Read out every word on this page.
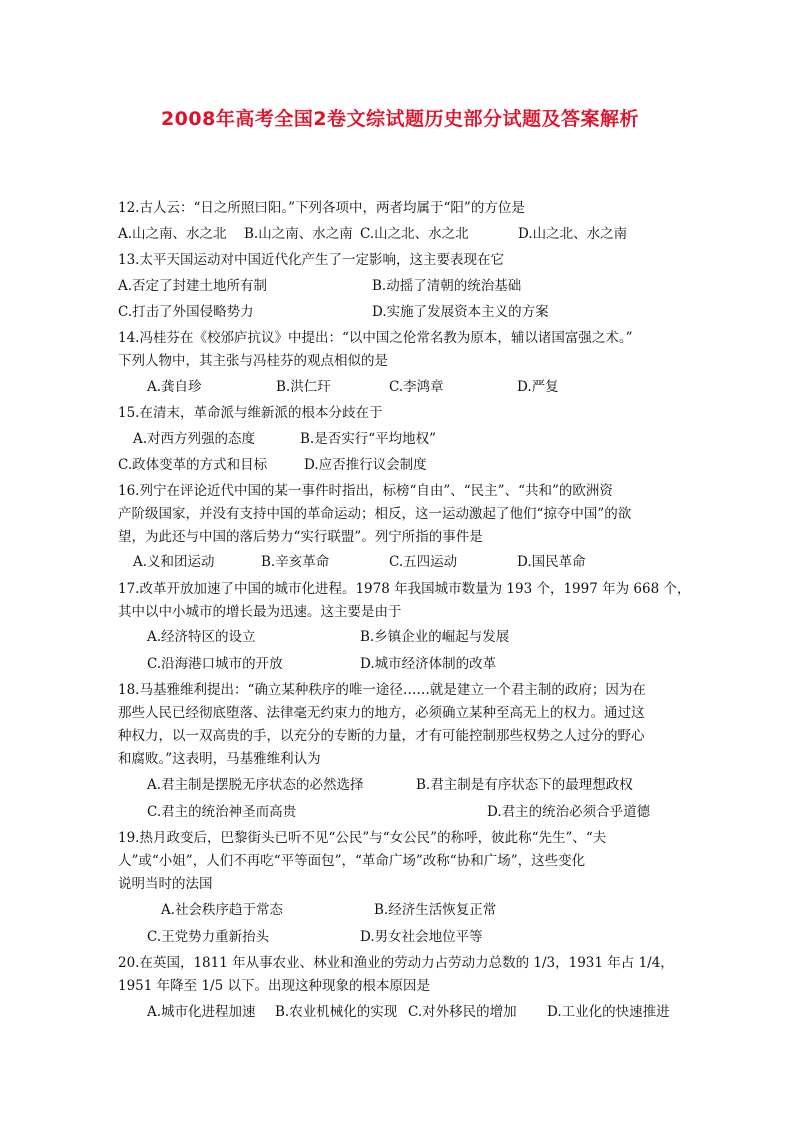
2008年高考全国2卷文综试题历史部分试题及答案解析
12.古人云：“日之所照曰阳。”下列各项中，两者均属于“阳”的方位是
A.山之南、水之北 B.山之南、水之南 C.山之北、水之北	D.山之北、水之南
13.太平天国运动对中国近代化产生了一定影响，这主要表现在它
A.否定了封建土地所有制	B.动摇了清朝的统治基础
C.打击了外国侵略势力	D.实施了发展资本主义的方案
14.冯桂芬在《校邠庐抗议》中提出：“以中国之伦常名教为原本，辅以诸国富强之术。”
下列人物中，其主张与冯桂芬的观点相似的是
A.龚自珍	B.洪仁玕	C.李鸿章	D.严复
15.在清末，革命派与维新派的根本分歧在于
A.对西方列强的态度	B.是否实行“平均地权”
C.政体变革的方式和目标	D.应否推行议会制度
16.列宁在评论近代中国的某一事件时指出，标榜“自由”、“民主”、“共和”的欧洲资
产阶级国家，并没有支持中国的革命运动；相反，这一运动激起了他们“掠夺中国”的欲
望，为此还与中国的落后势力“实行联盟”。列宁所指的事件是
A.义和团运动	B.辛亥革命	C.五四运动	D.国民革命
17.改革开放加速了中国的城市化进程。1978 年我国城市数量为 193 个，1997 年为 668 个，
其中以中小城市的增长最为迅速。这主要是由于
A.经济特区的设立	B.乡镇企业的崛起与发展
C.沿海港口城市的开放	D.城市经济体制的改革
18.马基雅维利提出：“确立某种秩序的唯一途径……就是建立一个君主制的政府；因为在
那些人民已经彻底堕落、法律毫无约束力的地方，必须确立某种至高无上的权力。通过这
种权力，以一双高贵的手，以充分的专断的力量，才有可能控制那些权势之人过分的野心
和腐败。”这表明，马基雅维利认为
A.君主制是摆脱无序状态的必然选择	B.君主制是有序状态下的最理想政权
C.君主的统治神圣而高贵	D.君主的统治必须合乎道德
19.热月政变后，巴黎街头已听不见“公民”与“女公民”的称呼，彼此称“先生”、“夫
人”或“小姐”，人们不再吃“平等面包”，“革命广场”改称“协和广场”，这些变化
说明当时的法国
A.社会秩序趋于常态	B.经济生活恢复正常
C.王党势力重新抬头	D.男女社会地位平等
20.在英国，1811 年从事农业、林业和渔业的劳动力占劳动力总数的 1/3，1931 年占 1/4，
1951 年降至 1/5 以下。出现这种现象的根本原因是
A.城市化进程加速 B.农业机械化的实现 C.对外移民的增加 D.工业化的快速推进
